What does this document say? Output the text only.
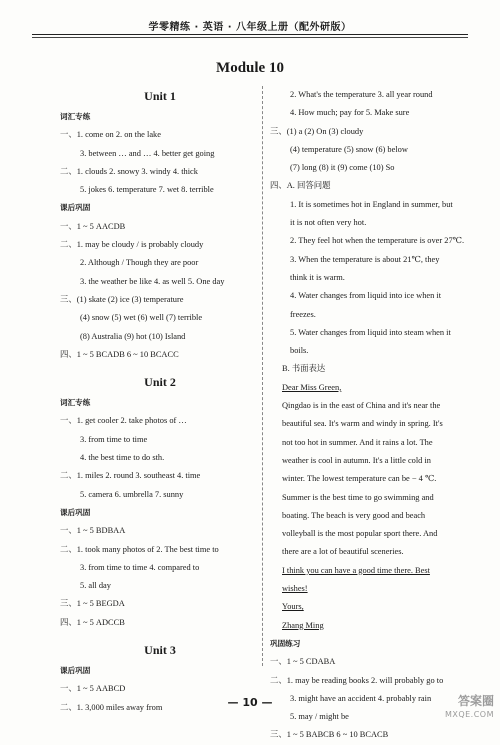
学零精练 · 英语 · 八年级上册（配外研版）
Module 10
Unit 1
词汇专练
一、1. come on 2. on the lake
3. between … and … 4. better get going
二、1. clouds 2. snowy 3. windy 4. thick
5. jokes 6. temperature 7. wet 8. terrible
课后巩固
一、1 ~ 5 AACDB
二、1. may be cloudy / is probably cloudy
2. Although / Though they are poor
3. the weather be like 4. as well 5. One day
三、(1) skate (2) ice (3) temperature
(4) snow (5) wet (6) well (7) terrible
(8) Australia (9) hot (10) Island
四、1 ~ 5 BCADB 6 ~ 10 BCACC
Unit 2
词汇专练
一、1. get cooler 2. take photos of …
3. from time to time
4. the best time to do sth.
二、1. miles 2. round 3. southeast 4. time
5. camera 6. umbrella 7. sunny
课后巩固
一、1 ~ 5 BDBAA
二、1. took many photos of 2. The best time to
3. from time to time 4. compared to
5. all day
三、1 ~ 5 BEGDA
四、1 ~ 5 ADCCB
Unit 3
课后巩固
一、1 ~ 5 AABCD
二、1. 3,000 miles away from
2. What's the temperature 3. all year round
4. How much; pay for 5. Make sure
三、(1) a (2) On (3) cloudy
(4) temperature (5) snow (6) below
(7) long (8) it (9) come (10) So
四、A. 回答问题
1. It is sometimes hot in England in summer, but
it is not often very hot.
2. They feel hot when the temperature is over 27℃.
3. When the temperature is about 21℃, they
think it is warm.
4. Water changes from liquid into ice when it
freezes.
5. Water changes from liquid into steam when it
boils.
B. 书面表达
Dear Miss Green,
Qingdao is in the east of China and it's near the
beautiful sea. It's warm and windy in spring. It's
not too hot in summer. And it rains a lot. The
weather is cool in autumn. It's a little cold in
winter. The lowest temperature can be − 4 ℃.
Summer is the best time to go swimming and
boating. The beach is very good and beach
volleyball is the most popular sport there. And
there are a lot of beautiful sceneries.
I think you can have a good time there. Best
wishes!
Yours,
Zhang Ming
巩固练习
一、1 ~ 5 CDABA
二、1. may be reading books 2. will probably go to
3. might have an accident 4. probably rain
5. may / might be
三、1 ~ 5 BABCB 6 ~ 10 BCACB
— 10 —	答案圈
MXQE.COM
